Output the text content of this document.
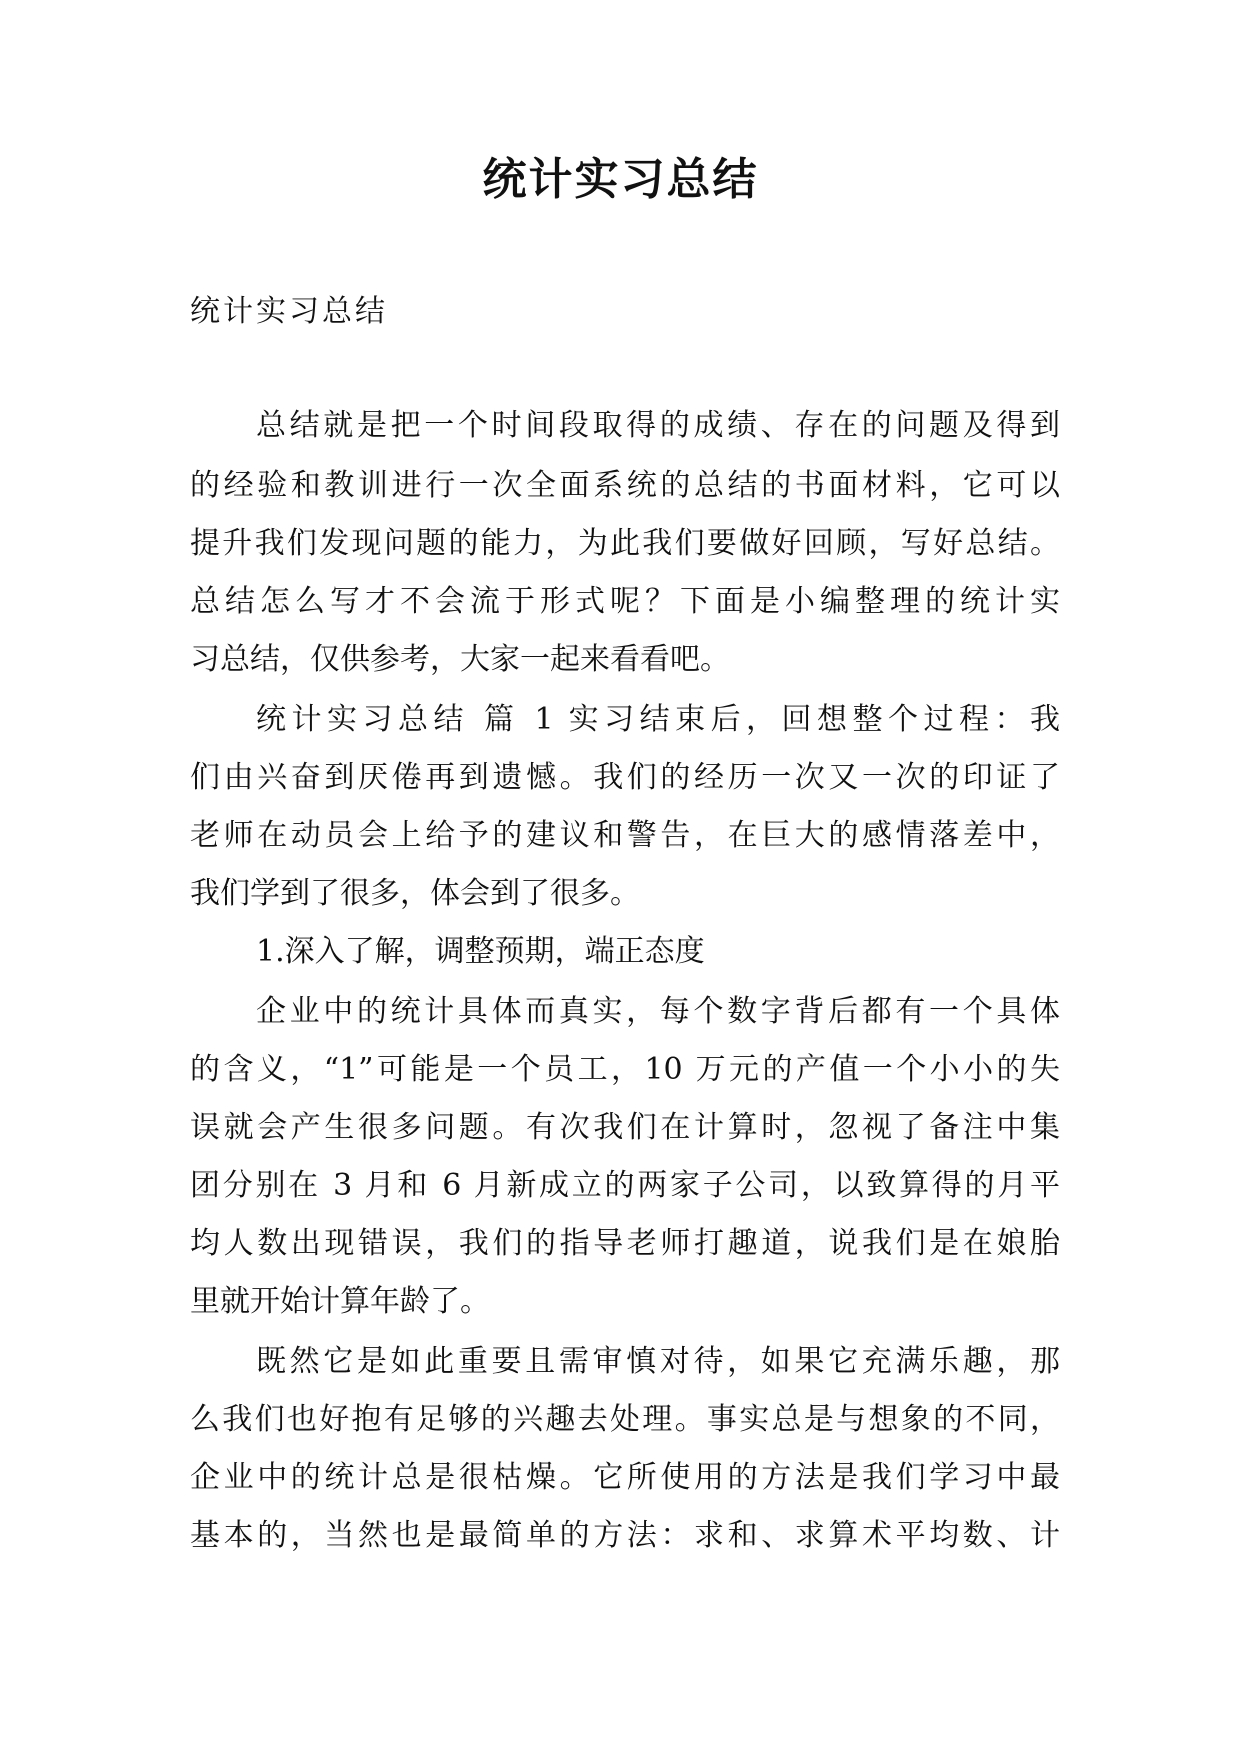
统计实习总结
统计实习总结
总结就是把一个时间段取得的成绩、存在的问题及得到
的经验和教训进行一次全面系统的总结的书面材料，它可以
提升我们发现问题的能力，为此我们要做好回顾，写好总结。
总结怎么写才不会流于形式呢？下面是小编整理的统计实
习总结，仅供参考，大家一起来看看吧。
统计实习总结 篇 1 实习结束后，回想整个过程：我
们由兴奋到厌倦再到遗憾。我们的经历一次又一次的印证了
老师在动员会上给予的建议和警告，在巨大的感情落差中，
我们学到了很多，体会到了很多。
1.深入了解，调整预期，端正态度
企业中的统计具体而真实，每个数字背后都有一个具体
的含义，“1”可能是一个员工，10 万元的产值一个小小的失
误就会产生很多问题。有次我们在计算时，忽视了备注中集
团分别在 3 月和 6 月新成立的两家子公司，以致算得的月平
均人数出现错误，我们的指导老师打趣道，说我们是在娘胎
里就开始计算年龄了。
既然它是如此重要且需审慎对待，如果它充满乐趣，那
么我们也好抱有足够的兴趣去处理。事实总是与想象的不同，
企业中的统计总是很枯燥。它所使用的方法是我们学习中最
基本的，当然也是最简单的方法：求和、求算术平均数、计
